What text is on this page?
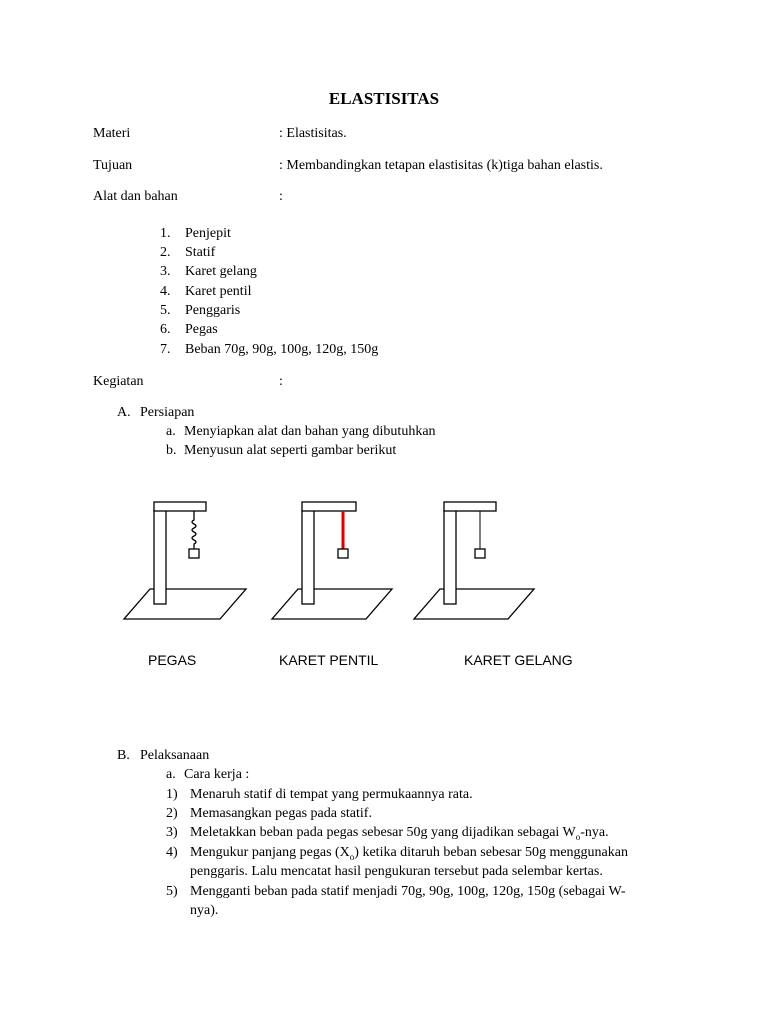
ELASTISITAS
Materi	: Elastisitas.
Tujuan	: Membandingkan tetapan elastisitas (k)tiga bahan elastis.
Alat dan bahan	:
1. Penjepit
2. Statif
3. Karet gelang
4. Karet pentil
5. Penggaris
6. Pegas
7. Beban 70g, 90g, 100g, 120g, 150g
Kegiatan	:
A. Persiapan
a. Menyiapkan alat dan bahan yang dibutuhkan
b. Menyusun alat seperti gambar berikut
PEGAS	KARET PENTIL	KARET GELANG
B. Pelaksanaan
a. Cara kerja :
1) Menaruh statif di tempat yang permukaannya rata.
2) Memasangkan pegas pada statif.
3) Meletakkan beban pada pegas sebesar 50g yang dijadikan sebagai $W_o$-nya.
4) Mengukur panjang pegas $(X_o)$ ketika ditaruh beban sebesar 50g menggunakan
penggaris. Lalu mencatat hasil pengukuran tersebut pada selembar kertas.
5) Mengganti beban pada statif menjadi 70g, 90g, 100g, 120g, 150g (sebagai W-
nya).
